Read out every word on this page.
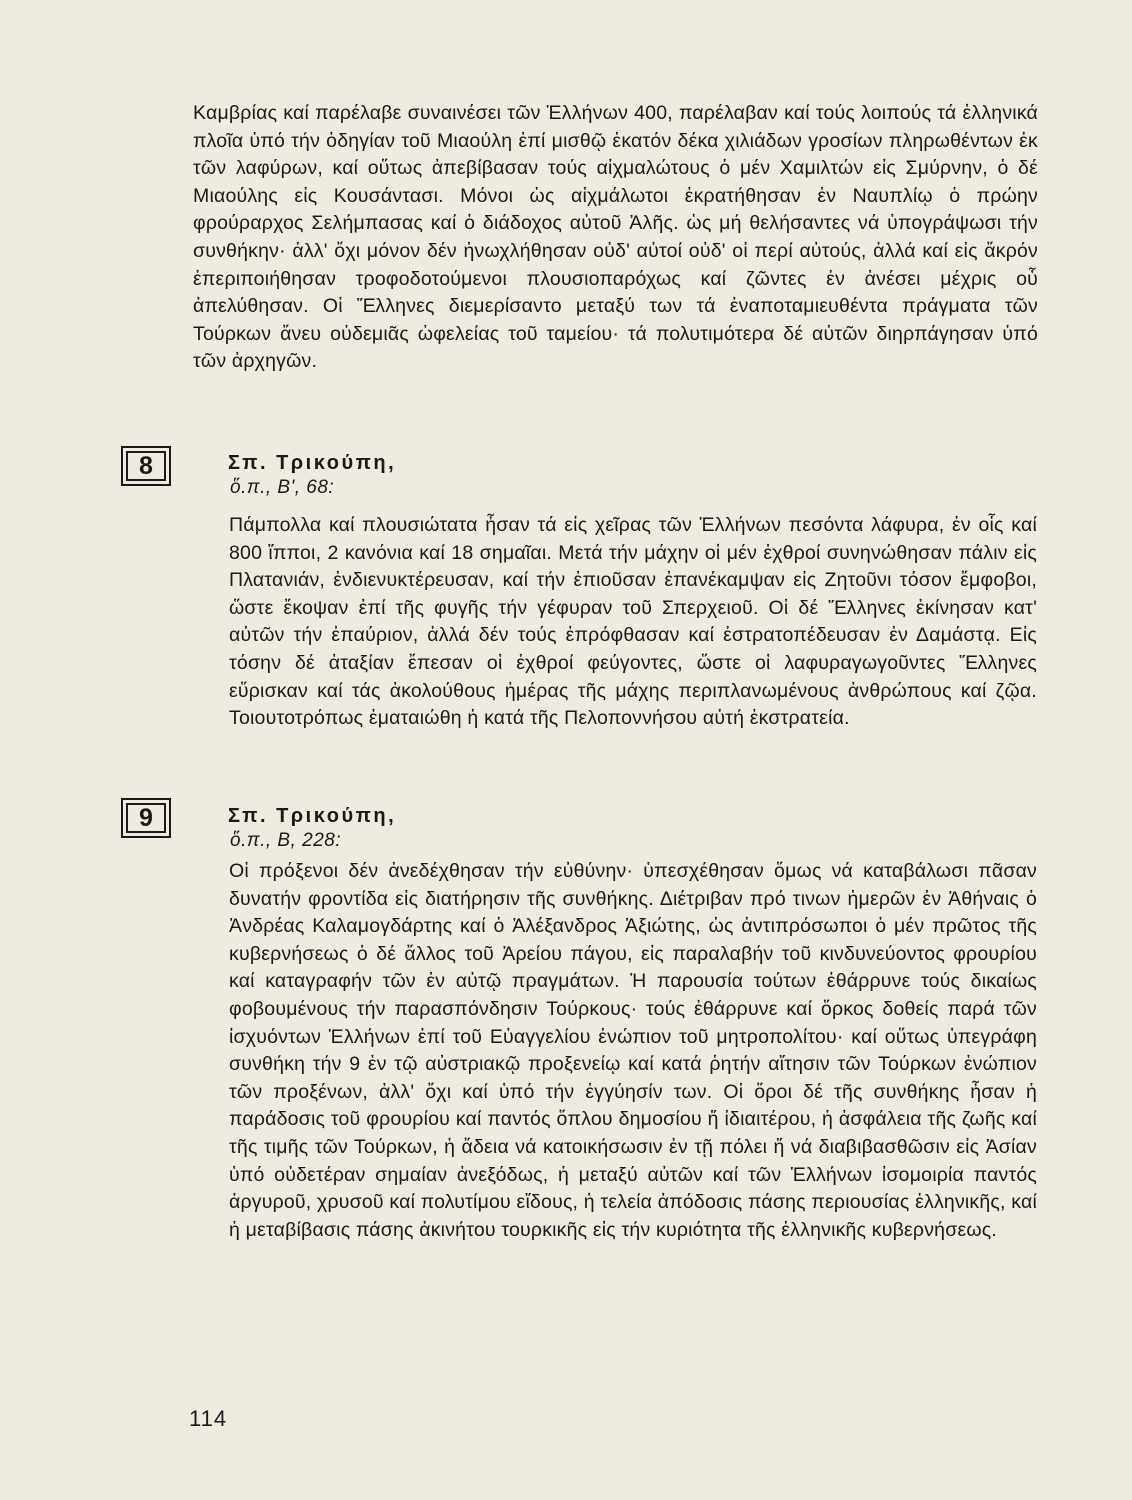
Καμβρίας καί παρέλαβε συναινέσει τῶν Ἑλλήνων 400, παρέλαβαν καί τούς λοιπούς τά ἑλληνικά πλοῖα ὑπό τήν ὁδηγίαν τοῦ Μιαούλη ἐπί μισθῷ ἑκατόν δέκα χιλιάδων γροσίων πληρωθέντων ἐκ τῶν λαφύρων, καί οὕτως ἀπεβίβασαν τούς αἰχμαλώτους ὁ μέν Χαμιλτών εἰς Σμύρνην, ὁ δέ Μιαούλης εἰς Κουσάντασι. Μόνοι ὡς αἰχμάλωτοι ἐκρατήθησαν ἐν Ναυπλίῳ ὁ πρώην φρούραρχος Σελήμπασας καί ὁ διάδοχος αὐτοῦ Ἀλῆς. ὡς μή θελήσαντες νά ὑπογράψωσι τήν συνθήκην· ἀλλ' ὄχι μόνον δέν ἠνωχλήθησαν οὐδ' αὐτοί οὐδ' οἱ περί αὐτούς, ἀλλά καί εἰς ἄκρόν ἐπεριποιήθησαν τροφοδοτούμενοι πλουσιοπαρόχως καί ζῶντες ἐν ἀνέσει μέχρις οὗ ἀπελύθησαν. Οἱ Ἕλληνες διεμερίσαντο μεταξύ των τά ἐναποταμιευθέντα πράγματα τῶν Τούρκων ἄνευ οὐδεμιᾶς ὠφελείας τοῦ ταμείου· τά πολυτιμότερα δέ αὐτῶν διηρπάγησαν ὑπό τῶν ἀρχηγῶν.

8	Σπ. Τρικούπη,
ὅ.π., Β', 68:

Πάμπολλα καί πλουσιώτατα ἦσαν τά εἰς χεῖρας τῶν Ἑλλήνων πεσόντα λάφυρα, ἐν οἷς καί 800 ἵπποι, 2 κανόνια καί 18 σημαῖαι. Μετά τήν μάχην οἱ μέν ἐχθροί συνηνώθησαν πάλιν εἰς Πλατανιάν, ἐνδιενυκτέρευσαν, καί τήν ἐπιοῦσαν ἐπανέκαμψαν εἰς Ζητοῦνι τόσον ἔμφοβοι, ὥστε ἔκοψαν ἐπί τῆς φυγῆς τήν γέφυραν τοῦ Σπερχειοῦ. Οἱ δέ Ἕλληνες ἐκίνησαν κατ' αὐτῶν τήν ἐπαύριον, ἀλλά δέν τούς ἐπρόφθασαν καί ἐστρατοπέδευσαν ἐν Δαμάστᾳ. Εἰς τόσην δέ ἀταξίαν ἔπεσαν οἱ ἐχθροί φεύγοντες, ὥστε οἱ λαφυραγωγοῦντες Ἕλληνες εὕρισκαν καί τάς ἀκολούθους ἡμέρας τῆς μάχης περιπλανωμένους ἀνθρώπους καί ζῷα. Τοιουτοτρόπως ἐματαιώθη ἡ κατά τῆς Πελοποννήσου αὐτή ἐκστρατεία.

9	Σπ. Τρικούπη,
ὅ.π., Β, 228:

Οἱ πρόξενοι δέν ἀνεδέχθησαν τήν εὐθύνην· ὑπεσχέθησαν ὅμως νά καταβάλωσι πᾶσαν δυνατήν φροντίδα εἰς διατήρησιν τῆς συνθήκης. Διέτριβαν πρό τινων ἡμερῶν ἐν Ἀθήναις ὁ Ἀνδρέας Καλαμογδάρτης καί ὁ Ἀλέξανδρος Ἀξιώτης, ὡς ἀντιπρόσωποι ὁ μέν πρῶτος τῆς κυβερνήσεως ὁ δέ ἄλλος τοῦ Ἀρείου πάγου, εἰς παραλαβήν τοῦ κινδυνεύοντος φρουρίου καί καταγραφήν τῶν ἐν αὐτῷ πραγμάτων. Ἡ παρουσία τούτων ἐθάρρυνε τούς δικαίως φοβουμένους τήν παρασπόνδησιν Τούρκους· τούς ἐθάρρυνε καί ὅρκος δοθείς παρά τῶν ἰσχυόντων Ἑλλήνων ἐπί τοῦ Εὐαγγελίου ἐνώπιον τοῦ μητροπολίτου· καί οὕτως ὑπεγράφη συνθήκη τήν 9 ἐν τῷ αὐστριακῷ προξενείῳ καί κατά ῥητήν αἴτησιν τῶν Τούρκων ἐνώπιον τῶν προξένων, ἀλλ' ὄχι καί ὑπό τήν ἐγγύησίν των. Οἱ ὅροι δέ τῆς συνθήκης ἦσαν ἡ παράδοσις τοῦ φρουρίου καί παντός ὅπλου δημοσίου ἤ ἰδιαιτέρου, ἡ ἀσφάλεια τῆς ζωῆς καί τῆς τιμῆς τῶν Τούρκων, ἡ ἄδεια νά κατοικήσωσιν ἐν τῇ πόλει ἤ νά διαβιβασθῶσιν εἰς Ἀσίαν ὑπό οὐδετέραν σημαίαν ἀνεξόδως, ἡ μεταξύ αὐτῶν καί τῶν Ἑλλήνων ἰσομοιρία παντός ἀργυροῦ, χρυσοῦ καί πολυτίμου εἴδους, ἡ τελεία ἀπόδοσις πάσης περιουσίας ἑλληνικῆς, καί ἡ μεταβίβασις πάσης ἀκινήτου τουρκικῆς εἰς τήν κυριότητα τῆς ἑλληνικῆς κυβερνήσεως.

114
